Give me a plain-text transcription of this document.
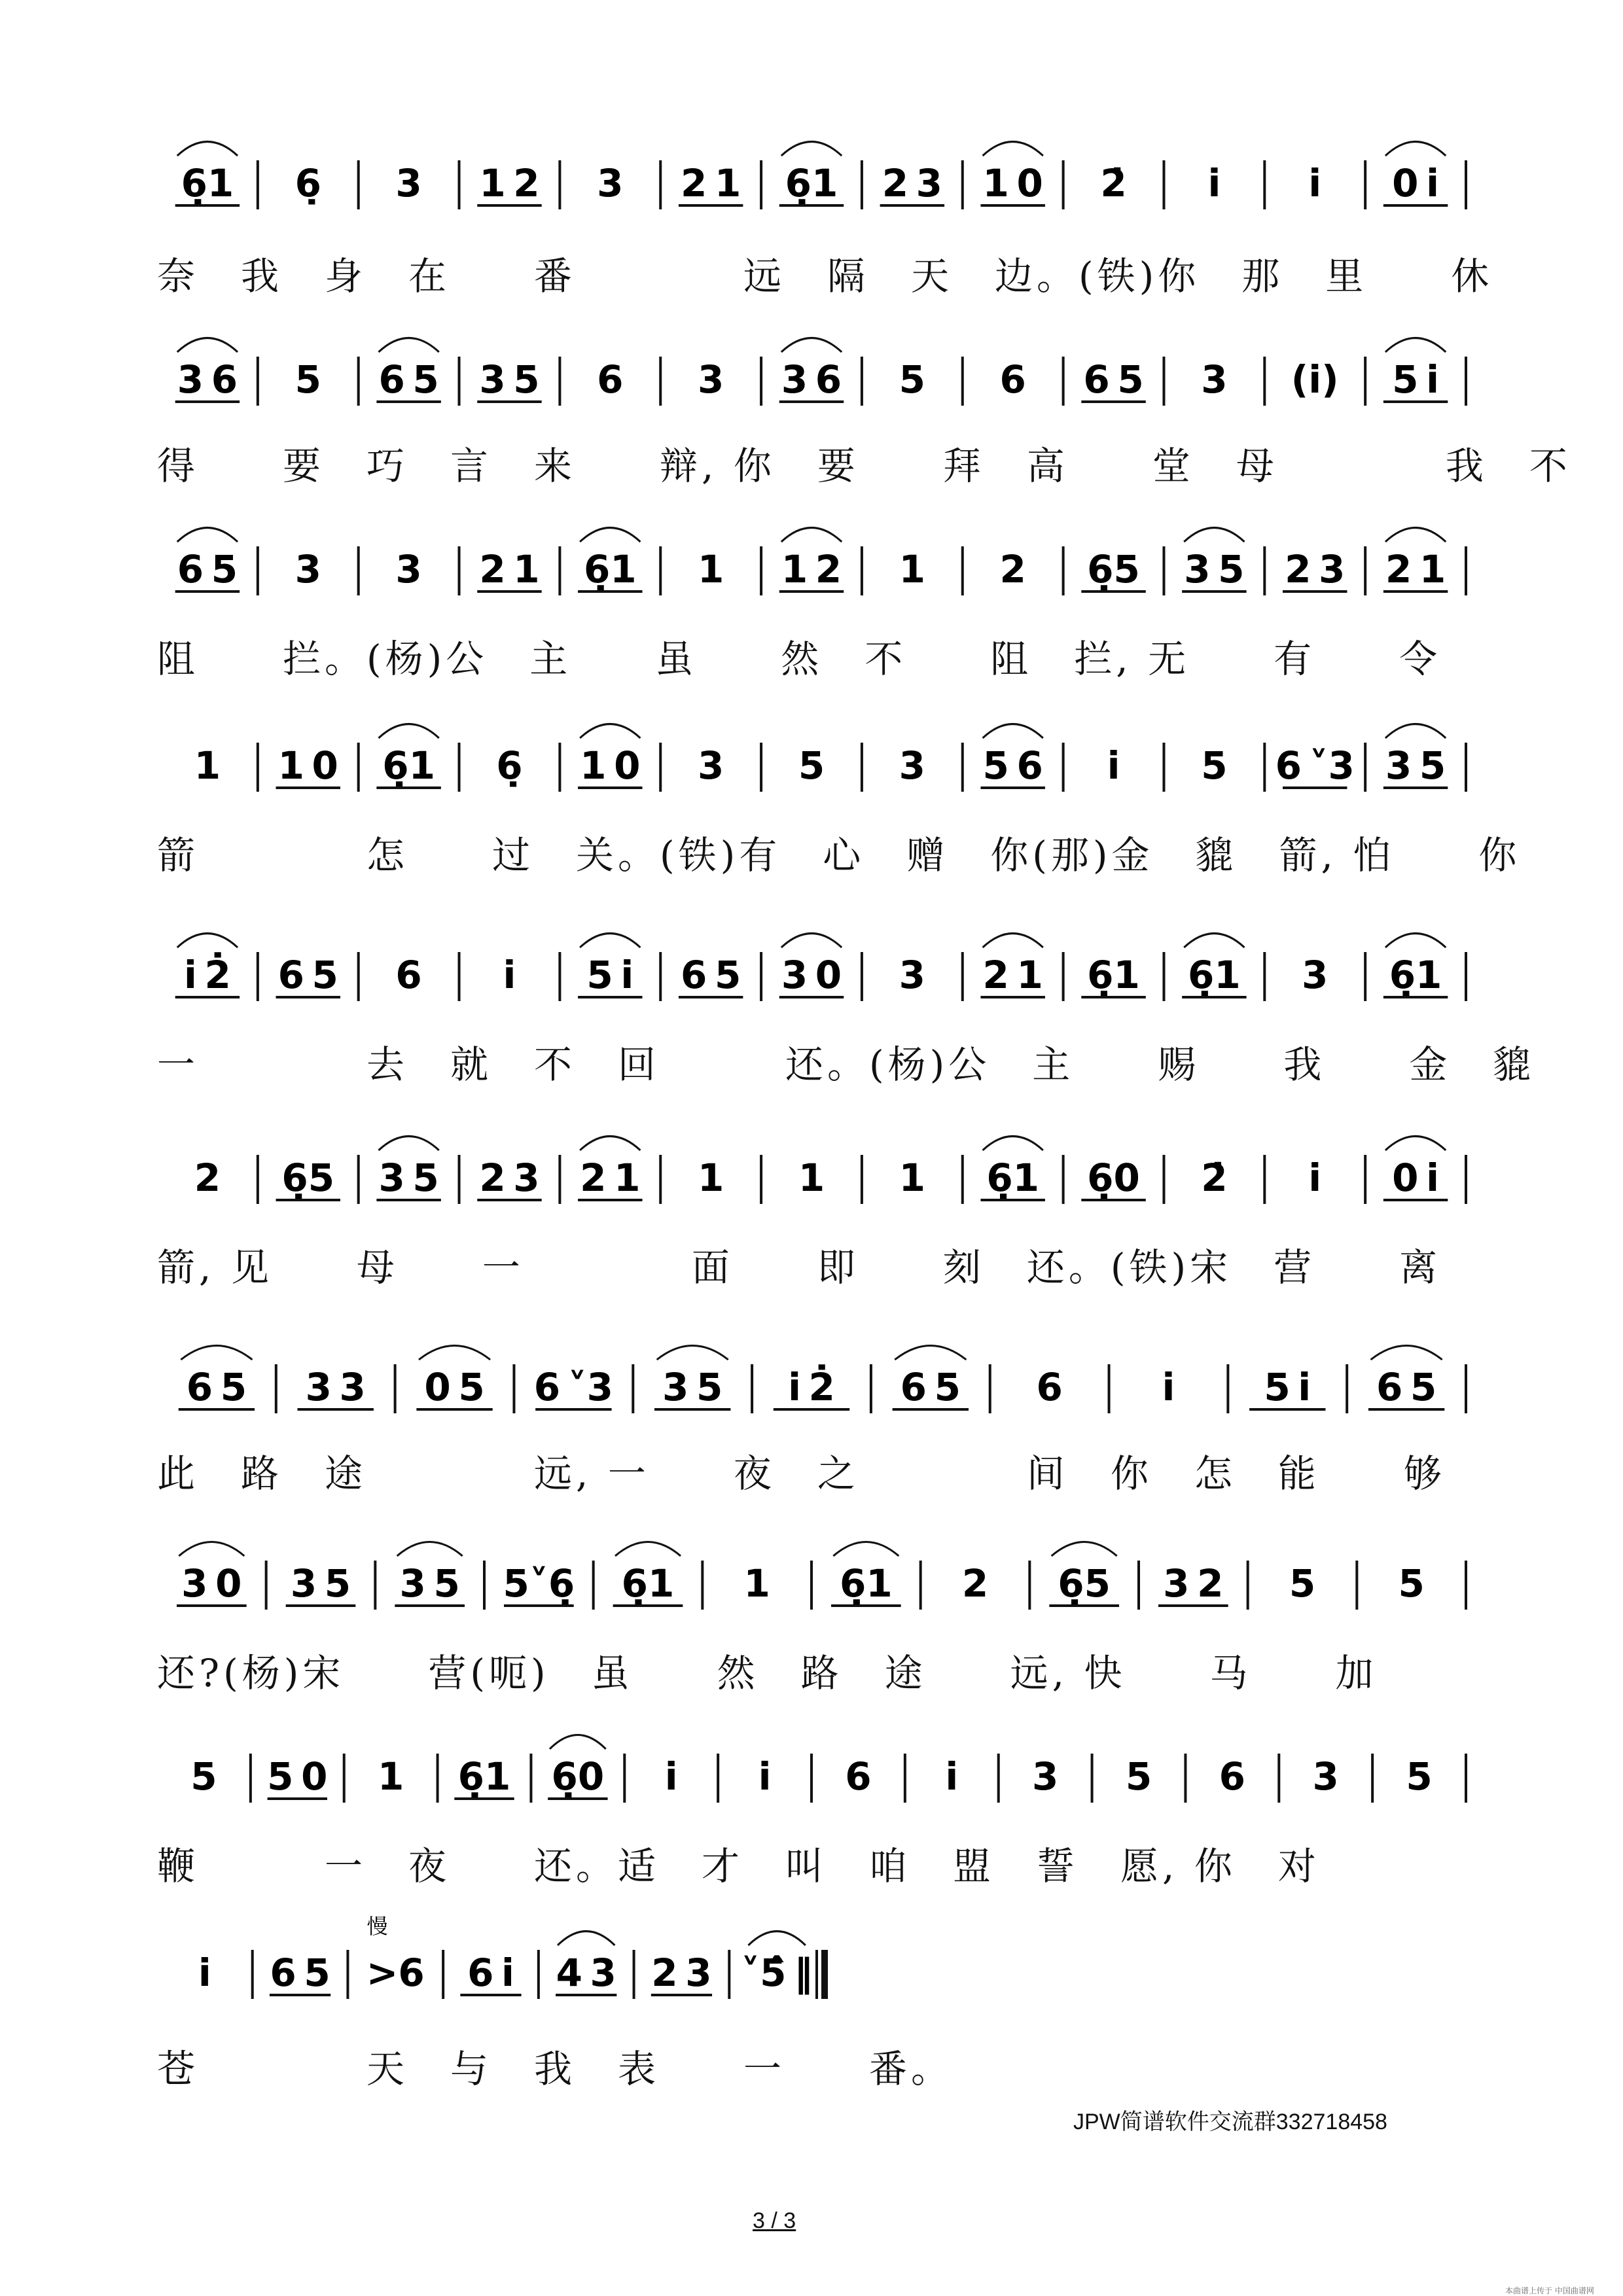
6̣1 6̣ 3 1 2 3 2 1 6̣1 2 3 1 0 2̇ i i 0 i
3 6 5 6 5 3 5 6 3 3 6 5 6 6 5 3 (i) 5 i
6 5 3 3 2 1 6̣1 1 1 2 1 2 6̣5 3 5 2 3 2 1
1 1 0 6̣1 6̣ 1 0 3 5 3 5 6 i 5 6 ˅3 3 5
i 2̇ 6 5 6 i 5 i 6 5 3 0 3 2 1 6̣1 6̣1 3 6̣1
2 6̣5 3 5 2 3 2 1 1 1 1 6̣1 6̣0 2̇ i 0 i
6 5 3 3 0 5 6 ˅3 3 5 i 2̇ 6 5 6	i 5 i 6 5
3 0 3 5 3 5 5˅6̣ 6̣1 1 6̣1 2 6̣5 3 2 5 5
5 5 0 1 6̣1 6̣0 i i 6 i 3 5 6 3 5
i 6 5 >6 6 i 4 3 2 3 ˅5̂ ‖
慢
奈　我　身　在　　番　　　　远　隔　天　边。(铁)你　那　里　　休
得　　要　巧　言　来　　辩, 你　要　　拜　高　　堂　母　　　　我　不
阻　　拦。(杨)公　主　　虽　　然　不　　阻　拦, 无　　有　　令
箭　　　　怎　　过　关。(铁)有　心　赠　你(那)金　貔　箭, 怕　　你
一　　　　去　就　不　回　　　还。(杨)公　主　　赐　　我　　金　貔
箭, 见　　母　　一　　　　面　　即　　刻　还。(铁)宋　营　　离
此　路　途　　　　远, 一　　夜　之　　　　间　你　怎　能　　够
还?(杨)宋　　营(呃)　虽　　然　路　途　　远, 快　　马　　加
鞭　　　一　夜　　还。适　才　叫　咱　盟　誓　愿, 你　对
苍　　　　天　与　我　表　　一　　番。
JPW简谱软件交流群332718458
3 / 3
本曲谱上传于 中国曲谱网
